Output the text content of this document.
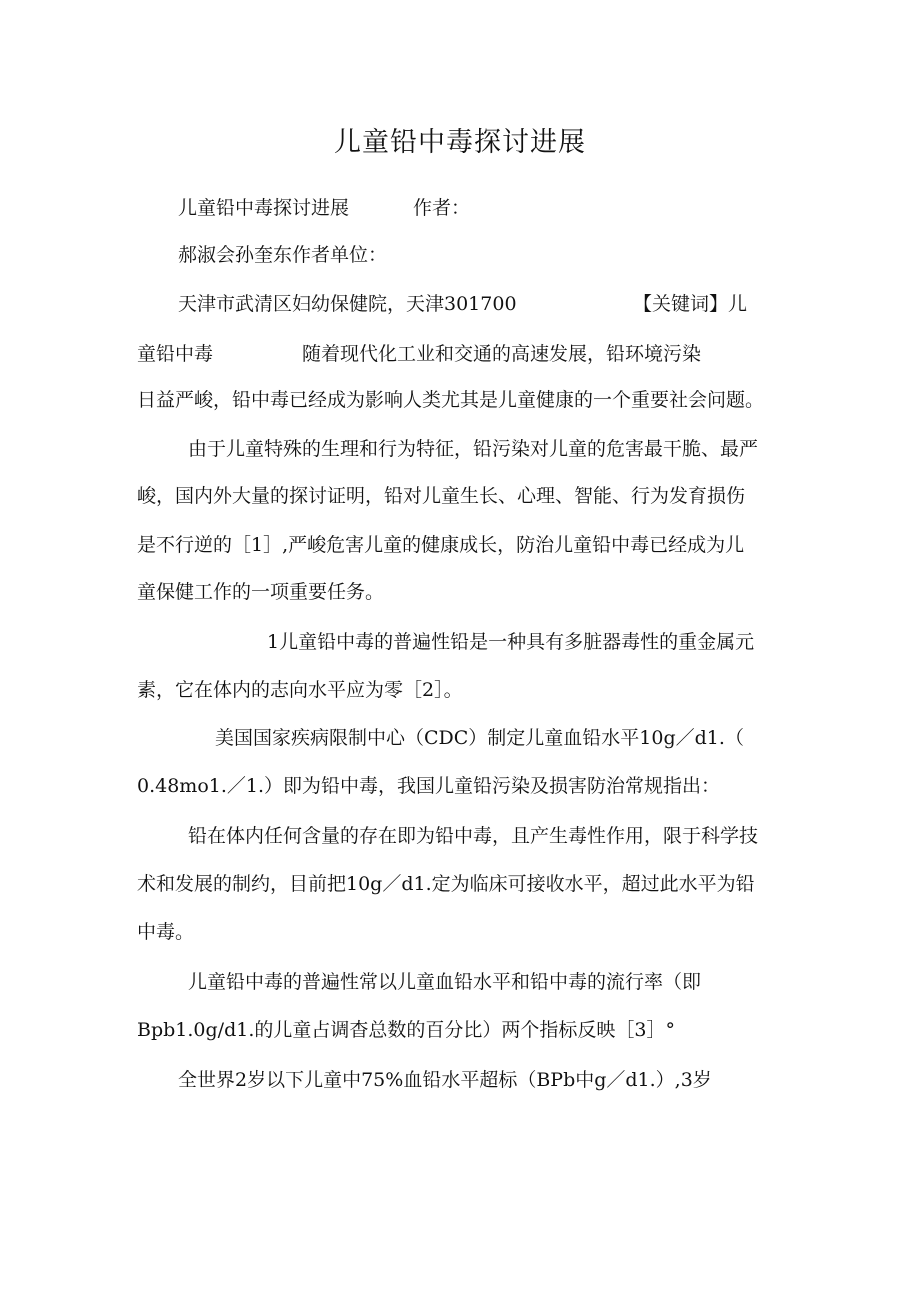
儿童铅中毒探讨进展
儿童铅中毒探讨进展	作者：
郝淑会孙奎东作者单位：
天津市武清区妇幼保健院，天津301700	【关键词】儿
童铅中毒	随着现代化工业和交通的高速发展，铅环境污染
日益严峻，铅中毒已经成为影响人类尤其是儿童健康的一个重要社会问题。
由于儿童特殊的生理和行为特征，铅污染对儿童的危害最干脆、最严
峻，国内外大量的探讨证明，铅对儿童生长、心理、智能、行为发育损伤
是不行逆的［1］,严峻危害儿童的健康成长，防治儿童铅中毒已经成为儿
童保健工作的一项重要任务。
1儿童铅中毒的普遍性铅是一种具有多脏器毒性的重金属元
素，它在体内的志向水平应为零［2］。
美国国家疾病限制中心（CDC）制定儿童血铅水平10g／d1.（
0.48mo1.／1.）即为铅中毒，我国儿童铅污染及损害防治常规指出：
铅在体内任何含量的存在即为铅中毒，且产生毒性作用，限于科学技
术和发展的制约，目前把10g／d1.定为临床可接收水平，超过此水平为铅
中毒。
儿童铅中毒的普遍性常以儿童血铅水平和铅中毒的流行率（即
Bpb1.0g/d1.的儿童占调杳总数的百分比）两个指标反映［3］°
全世界2岁以下儿童中75%血铅水平超标（BPb中g／d1.）,3岁
